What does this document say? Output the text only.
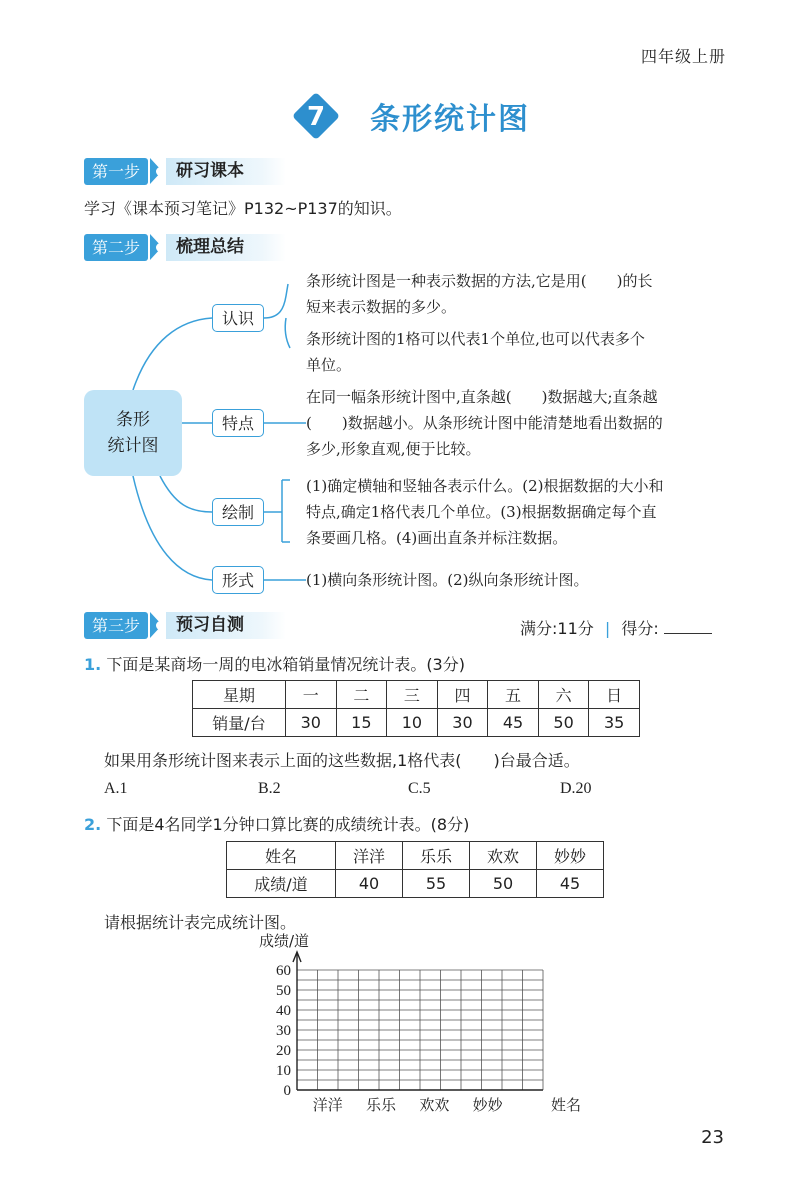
四年级上册
7 条形统计图
第一步	研习课本
学习《课本预习笔记》P132~P137的知识。
第二步	梳理总结
条形
统计图
认识
特点
绘制
形式
条形统计图是一种表示数据的方法,它是用(　　)的长
短来表示数据的多少。
条形统计图的1格可以代表1个单位,也可以代表多个
单位。
在同一幅条形统计图中,直条越(　　)数据越大;直条越
(　　)数据越小。从条形统计图中能清楚地看出数据的
多少,形象直观,便于比较。
(1)确定横轴和竖轴各表示什么。(2)根据数据的大小和
特点,确定1格代表几个单位。(3)根据数据确定每个直
条要画几格。(4)画出直条并标注数据。
(1)横向条形统计图。(2)纵向条形统计图。
第三步	预习自测	满分:11分 | 得分:
1. 下面是某商场一周的电冰箱销量情况统计表。(3分)
星期	一	二	三	四	五	六	日
销量/台	30	15	10	30	45	50	35
如果用条形统计图来表示上面的这些数据,1格代表(　　)台最合适。
A.1	B.2	C.5	D.20
2. 下面是4名同学1分钟口算比赛的成绩统计表。(8分)
姓名	洋洋	乐乐	欢欢	妙妙
成绩/道	40	55	50	45
请根据统计表完成统计图。
0
10
20
30
40
50
60
成绩/道
洋洋 乐乐 欢欢 妙妙	姓名
23
